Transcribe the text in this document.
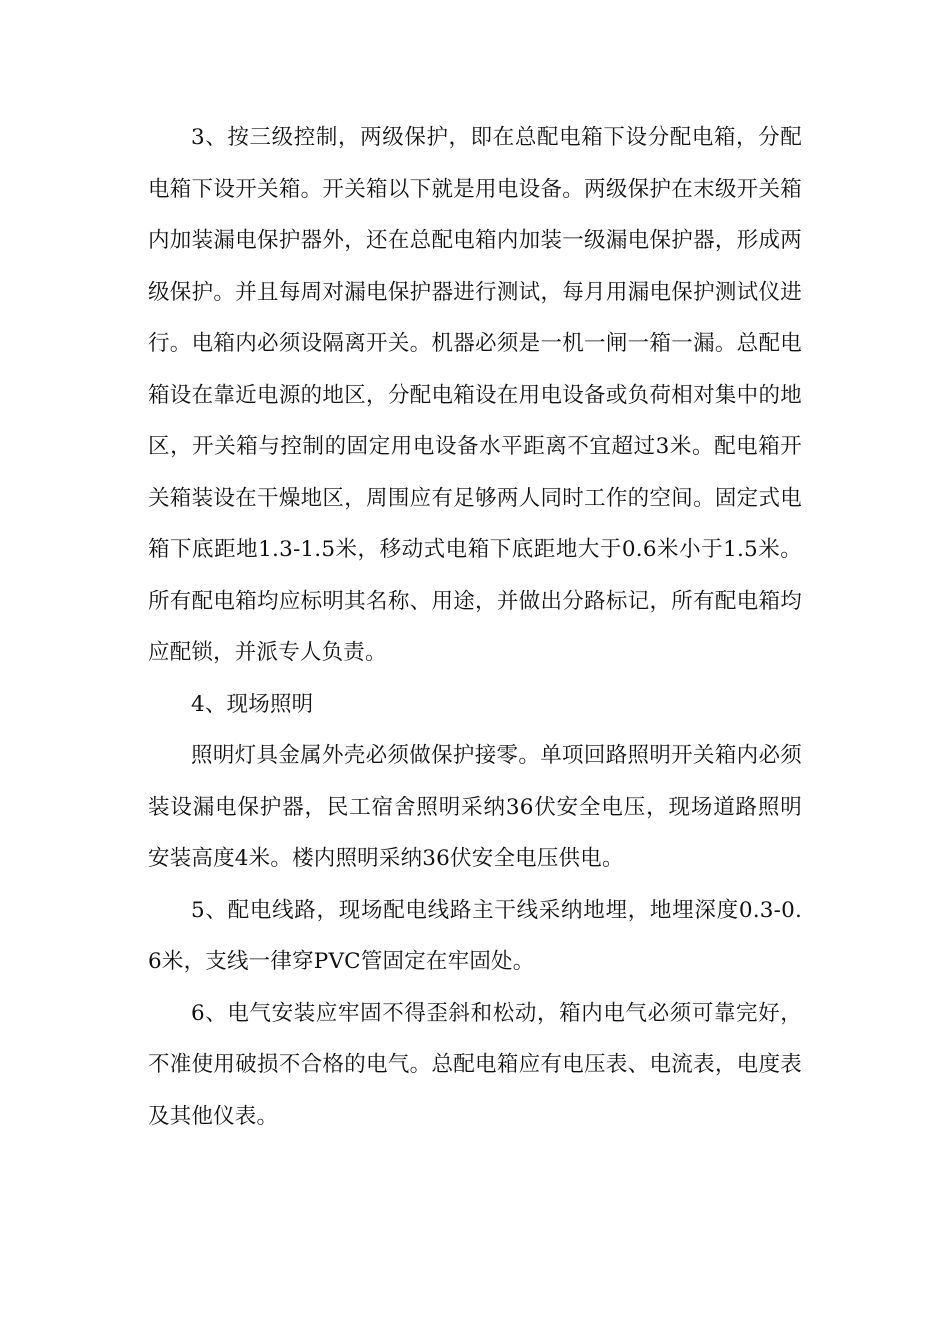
3、按三级控制，两级保护，即在总配电箱下设分配电箱，分配电箱下设开关箱。开关箱以下就是用电设备。两级保护在末级开关箱内加装漏电保护器外，还在总配电箱内加装一级漏电保护器，形成两级保护。并且每周对漏电保护器进行测试，每月用漏电保护测试仪进行。电箱内必须设隔离开关。机器必须是一机一闸一箱一漏。总配电箱设在靠近电源的地区，分配电箱设在用电设备或负荷相对集中的地区，开关箱与控制的固定用电设备水平距离不宜超过3米。配电箱开关箱装设在干燥地区，周围应有足够两人同时工作的空间。固定式电箱下底距地1.3-1.5米，移动式电箱下底距地大于0.6米小于1.5米。所有配电箱均应标明其名称、用途，并做出分路标记，所有配电箱均应配锁，并派专人负责。

4、现场照明

照明灯具金属外壳必须做保护接零。单项回路照明开关箱内必须装设漏电保护器，民工宿舍照明采纳36伏安全电压，现场道路照明安装高度4米。楼内照明采纳36伏安全电压供电。

5、配电线路，现场配电线路主干线采纳地埋，地埋深度0.3-0.6米，支线一律穿PVC管固定在牢固处。

6、电气安装应牢固不得歪斜和松动，箱内电气必须可靠完好，不准使用破损不合格的电气。总配电箱应有电压表、电流表，电度表及其他仪表。
